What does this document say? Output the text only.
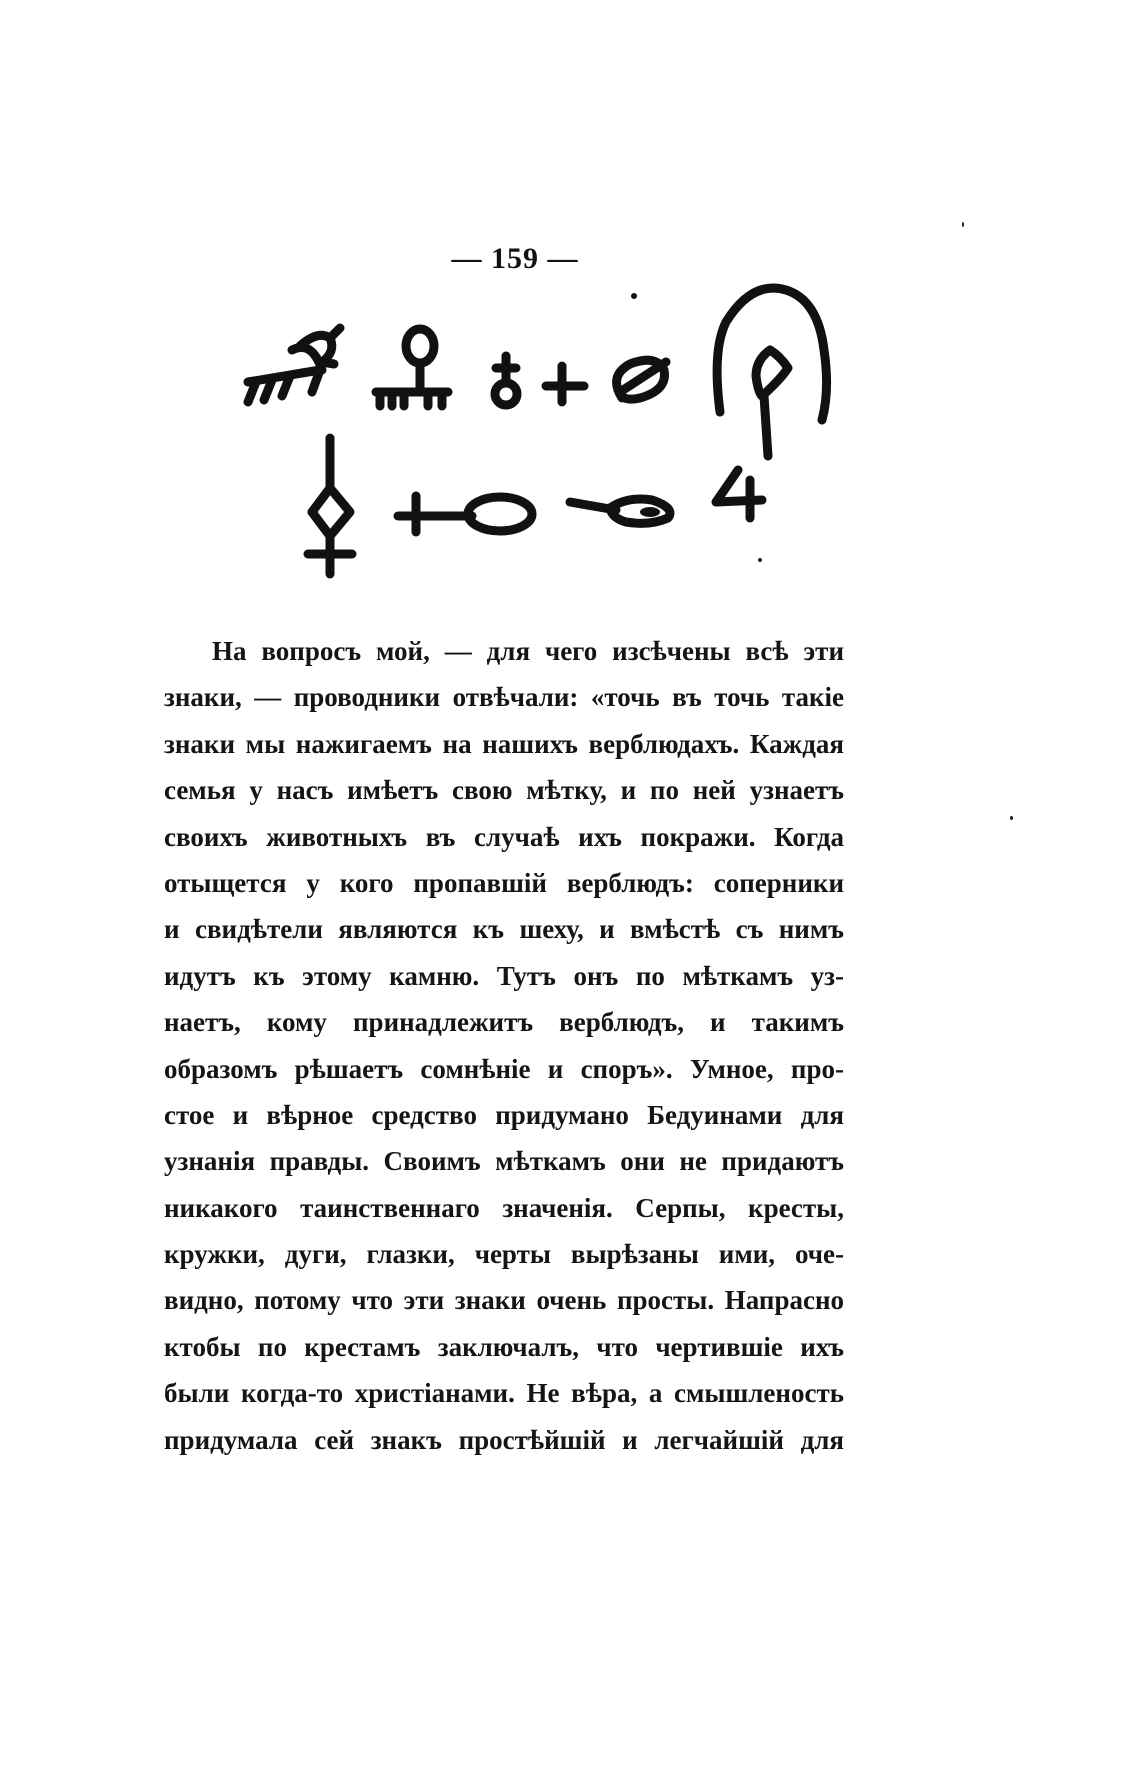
— 159 —
На вопросъ мой, — для чего изсѣчены всѣ эти
знаки, — проводники отвѣчали: «точь въ точь такіе
знаки мы нажигаемъ на нашихъ верблюдахъ. Каждая
семья у насъ имѣетъ свою мѣтку, и по ней узнаетъ
своихъ животныхъ въ случаѣ ихъ покражи. Когда
отыщется у кого пропавшій верблюдъ: соперники
и свидѣтели являются къ шеху, и вмѣстѣ съ нимъ
идутъ къ этому камню. Тутъ онъ по мѣткамъ уз-
наетъ, кому принадлежитъ верблюдъ, и такимъ
образомъ рѣшаетъ сомнѣніе и споръ». Умное, про-
стое и вѣрное средство придумано Бедуинами для
узнанія правды. Своимъ мѣткамъ они не придаютъ
никакого таинственнаго значенія. Серпы, кресты,
кружки, дуги, глазки, черты вырѣзаны ими, оче-
видно, потому что эти знаки очень просты. Напрасно
ктобы по крестамъ заключалъ, что чертившіе ихъ
были когда-то христіанами. Не вѣра, а смышленость
придумала сей знакъ простѣйшій и легчайшій для
